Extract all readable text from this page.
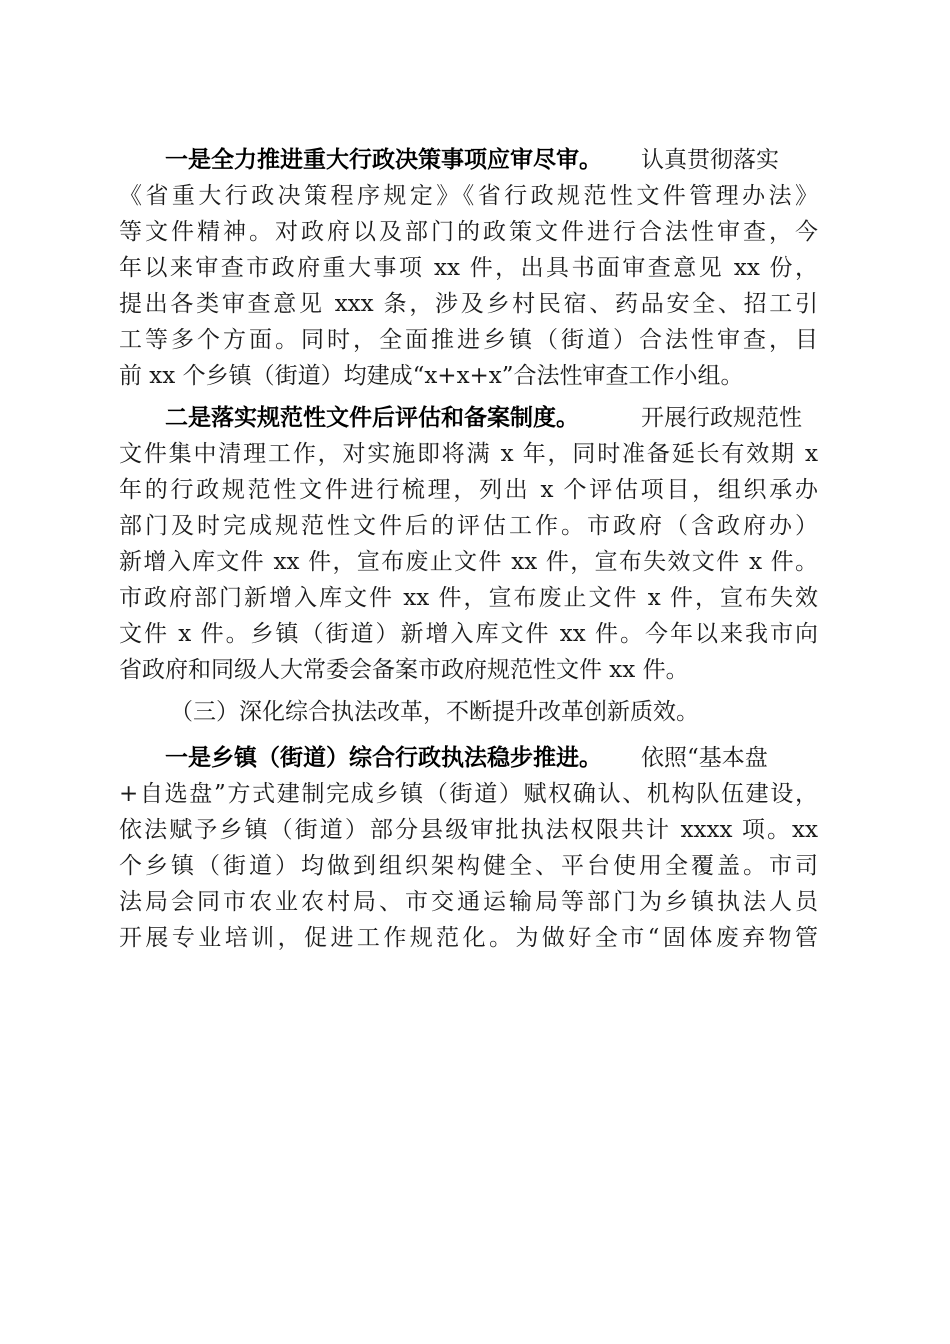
一是全力推进重大行政决策事项应审尽审。 认真贯彻落实
《省重大行政决策程序规定》《省行政规范性文件管理办法》
等文件精神。对政府以及部门的政策文件进行合法性审查，今
年以来审查市政府重大事项 xx 件，出具书面审查意见 xx 份，
提出各类审查意见 xxx 条，涉及乡村民宿、药品安全、招工引
工等多个方面。同时，全面推进乡镇（街道）合法性审查，目
前 xx 个乡镇（街道）均建成“x+x+x”合法性审查工作小组。
二是落实规范性文件后评估和备案制度。	开展行政规范性
文件集中清理工作，对实施即将满 x 年，同时准备延长有效期 x
年的行政规范性文件进行梳理，列出 x 个评估项目，组织承办
部门及时完成规范性文件后的评估工作。市政府（含政府办）
新增入库文件 xx 件，宣布废止文件 xx 件，宣布失效文件 x 件。
市政府部门新增入库文件 xx 件，宣布废止文件 x 件，宣布失效
文件 x 件。乡镇（街道）新增入库文件 xx 件。今年以来我市向
省政府和同级人大常委会备案市政府规范性文件 xx 件。
（三）深化综合执法改革，不断提升改革创新质效。
一是乡镇（街道）综合行政执法稳步推进。 依照“基本盘
+自选盘”方式建制完成乡镇（街道）赋权确认、机构队伍建设，
依法赋予乡镇（街道）部分县级审批执法权限共计 xxxx 项。xx
个乡镇（街道）均做到组织架构健全、平台使用全覆盖。市司
法局会同市农业农村局、市交通运输局等部门为乡镇执法人员
开展专业培训，促进工作规范化。为做好全市“固体废弃物管
